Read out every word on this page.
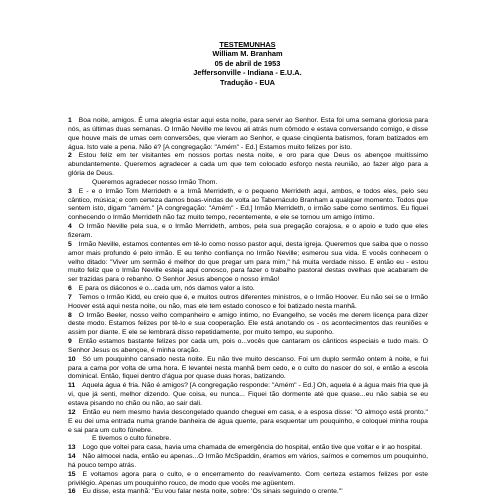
TESTEMUNHAS
William M. Branham
05 de abril de 1953
Jeffersonville - Indiana - E.U.A.
Tradução - EUA

1  Boa noite, amigos. É uma alegria estar aqui esta noite, para servir ao Senhor. Esta foi uma semana gloriosa para nós, as últimas duas semanas. O Irmão Neville me levou ali atrás num cômodo e estava conversando comigo, e disse que houve mais de umas cem conversões, que vieram ao Senhor, e quase cinqüenta batismos, foram batizados em água. Isto vale a pena. Não é? [A congregação: "Amém" - Ed.] Estamos muito felizes por isto.

2  Estou feliz em ter visitantes em nossos portas nesta noite, e oro para que Deus os abençoe muitíssimo abundantemente. Queremos agradecer a cada um que tem colocado esforço nesta reunião, ao fazer algo para a glória de Deus.

Queremos agradecer nosso Irmão Thom.

3  E - e o Irmão Tom Merrideth e a Irmã Merrideth, e o pequeno Merrideth aqui, ambos, e todos eles, pelo seu cântico, música; e com certeza damos boas-vindas de volta ao Tabernáculo Branham a qualquer momento. Todos que sentem isto, digam "amém." [A congregação: "Amém" - Ed.] Irmão Merrideth, o irmão sabe como sentimos. Eu fiquei conhecendo o Irmão Merrideth não faz muito tempo, recentemente, e ele se tornou um amigo íntimo.

4  O Irmão Neville pela sua, e o Irmão Merrideth, ambos, pela sua pregação corajosa, e o apoio e tudo que eles fizeram.

5  Irmão Neville, estamos contentes em tê-lo como nosso pastor aqui, desta igreja. Queremos que saiba que o nosso amor mais profundo é pelo irmão. E eu tenho confiança no Irmão Neville; esmerou sua vida. E vocês conhecem o velho ditado: "Viver um sermão é melhor do que pregar um para mim," há muita verdade nisso. E então eu - estou muito feliz que o Irmão Neville esteja aqui conosco, para fazer o trabalho pastoral destas ovelhas que acabaram de ser trazidas para o rebanho. O Senhor Jesus abençoe o nosso irmão!

6  E para os diáconos e o...cada um, nós damos valor a isto.

7  Temos o Irmão Kidd, eu creio que é, e muitos outros diferentes ministros, e o Irmão Hoover. Eu não sei se o Irmão Hoover está aqui nesta noite, ou não, mas ele tem estado conosco e foi batizado nesta manhã.

8  O Irmão Beeler, nosso velho companheiro e amigo íntimo, no Evangelho, se vocês me derem licença para dizer deste modo. Estamos felizes por tê-lo e sua cooperação. Ele está anotando os - os acontecimentos das reuniões e assim por diante. E ele se lembrará disso repetidamente, por muito tempo, eu suponho.

9  Então estamos bastante felizes por cada um, pois o...vocês que cantaram os cânticos especiais e tudo mais. O Senhor Jesus os abençoe, é minha oração.

10  Só um pouquinho cansado nesta noite. Eu não tive muito descanso. Foi um duplo sermão ontem à noite, e fui para a cama por volta de uma hora. E levantei nesta manhã bem cedo, e o culto do nascer do sol, e então a escola dominical. Então, fiquei dentro d'água por quase duas horas, batizando.

11  Aquela água é fria. Não é amigos? [A congregação responde: "Amém" - Ed.] Oh, aquela é a água mais fria que já vi, que já senti, melhor dizendo. Que coisa, eu nunca... Fiquei tão dormente até que quase...eu não sabia se eu estava pisando no chão ou não, ao sair dali.

12  Então eu nem mesmo havia descongelado quando cheguei em casa, e a esposa disse: "O almoço está pronto." E eu dei uma entrada numa grande banheira de água quente, para esquentar um pouquinho, e coloquei minha roupa e sai para um culto fúnebre.

E tivemos o culto fúnebre.

13  Logo que voltei para casa, havia uma chamada de emergência do hospital, então tive que voltar e ir ao hospital.

14  Não almocei nada, então eu apenas...O Irmão McSpaddin, éramos em vários, saímos e comemos um pouquinho, há pouco tempo atrás.

15  E voltamos agora para o culto, e o encerramento do reavivamento. Com certeza estamos felizes por este privilégio. Apenas um pouquinho rouco, de modo que vocês me agüentem.

16  Eu disse, esta manhã: "Eu vou falar nesta noite, sobre: 'Os sinais seguindo o crente.'"
